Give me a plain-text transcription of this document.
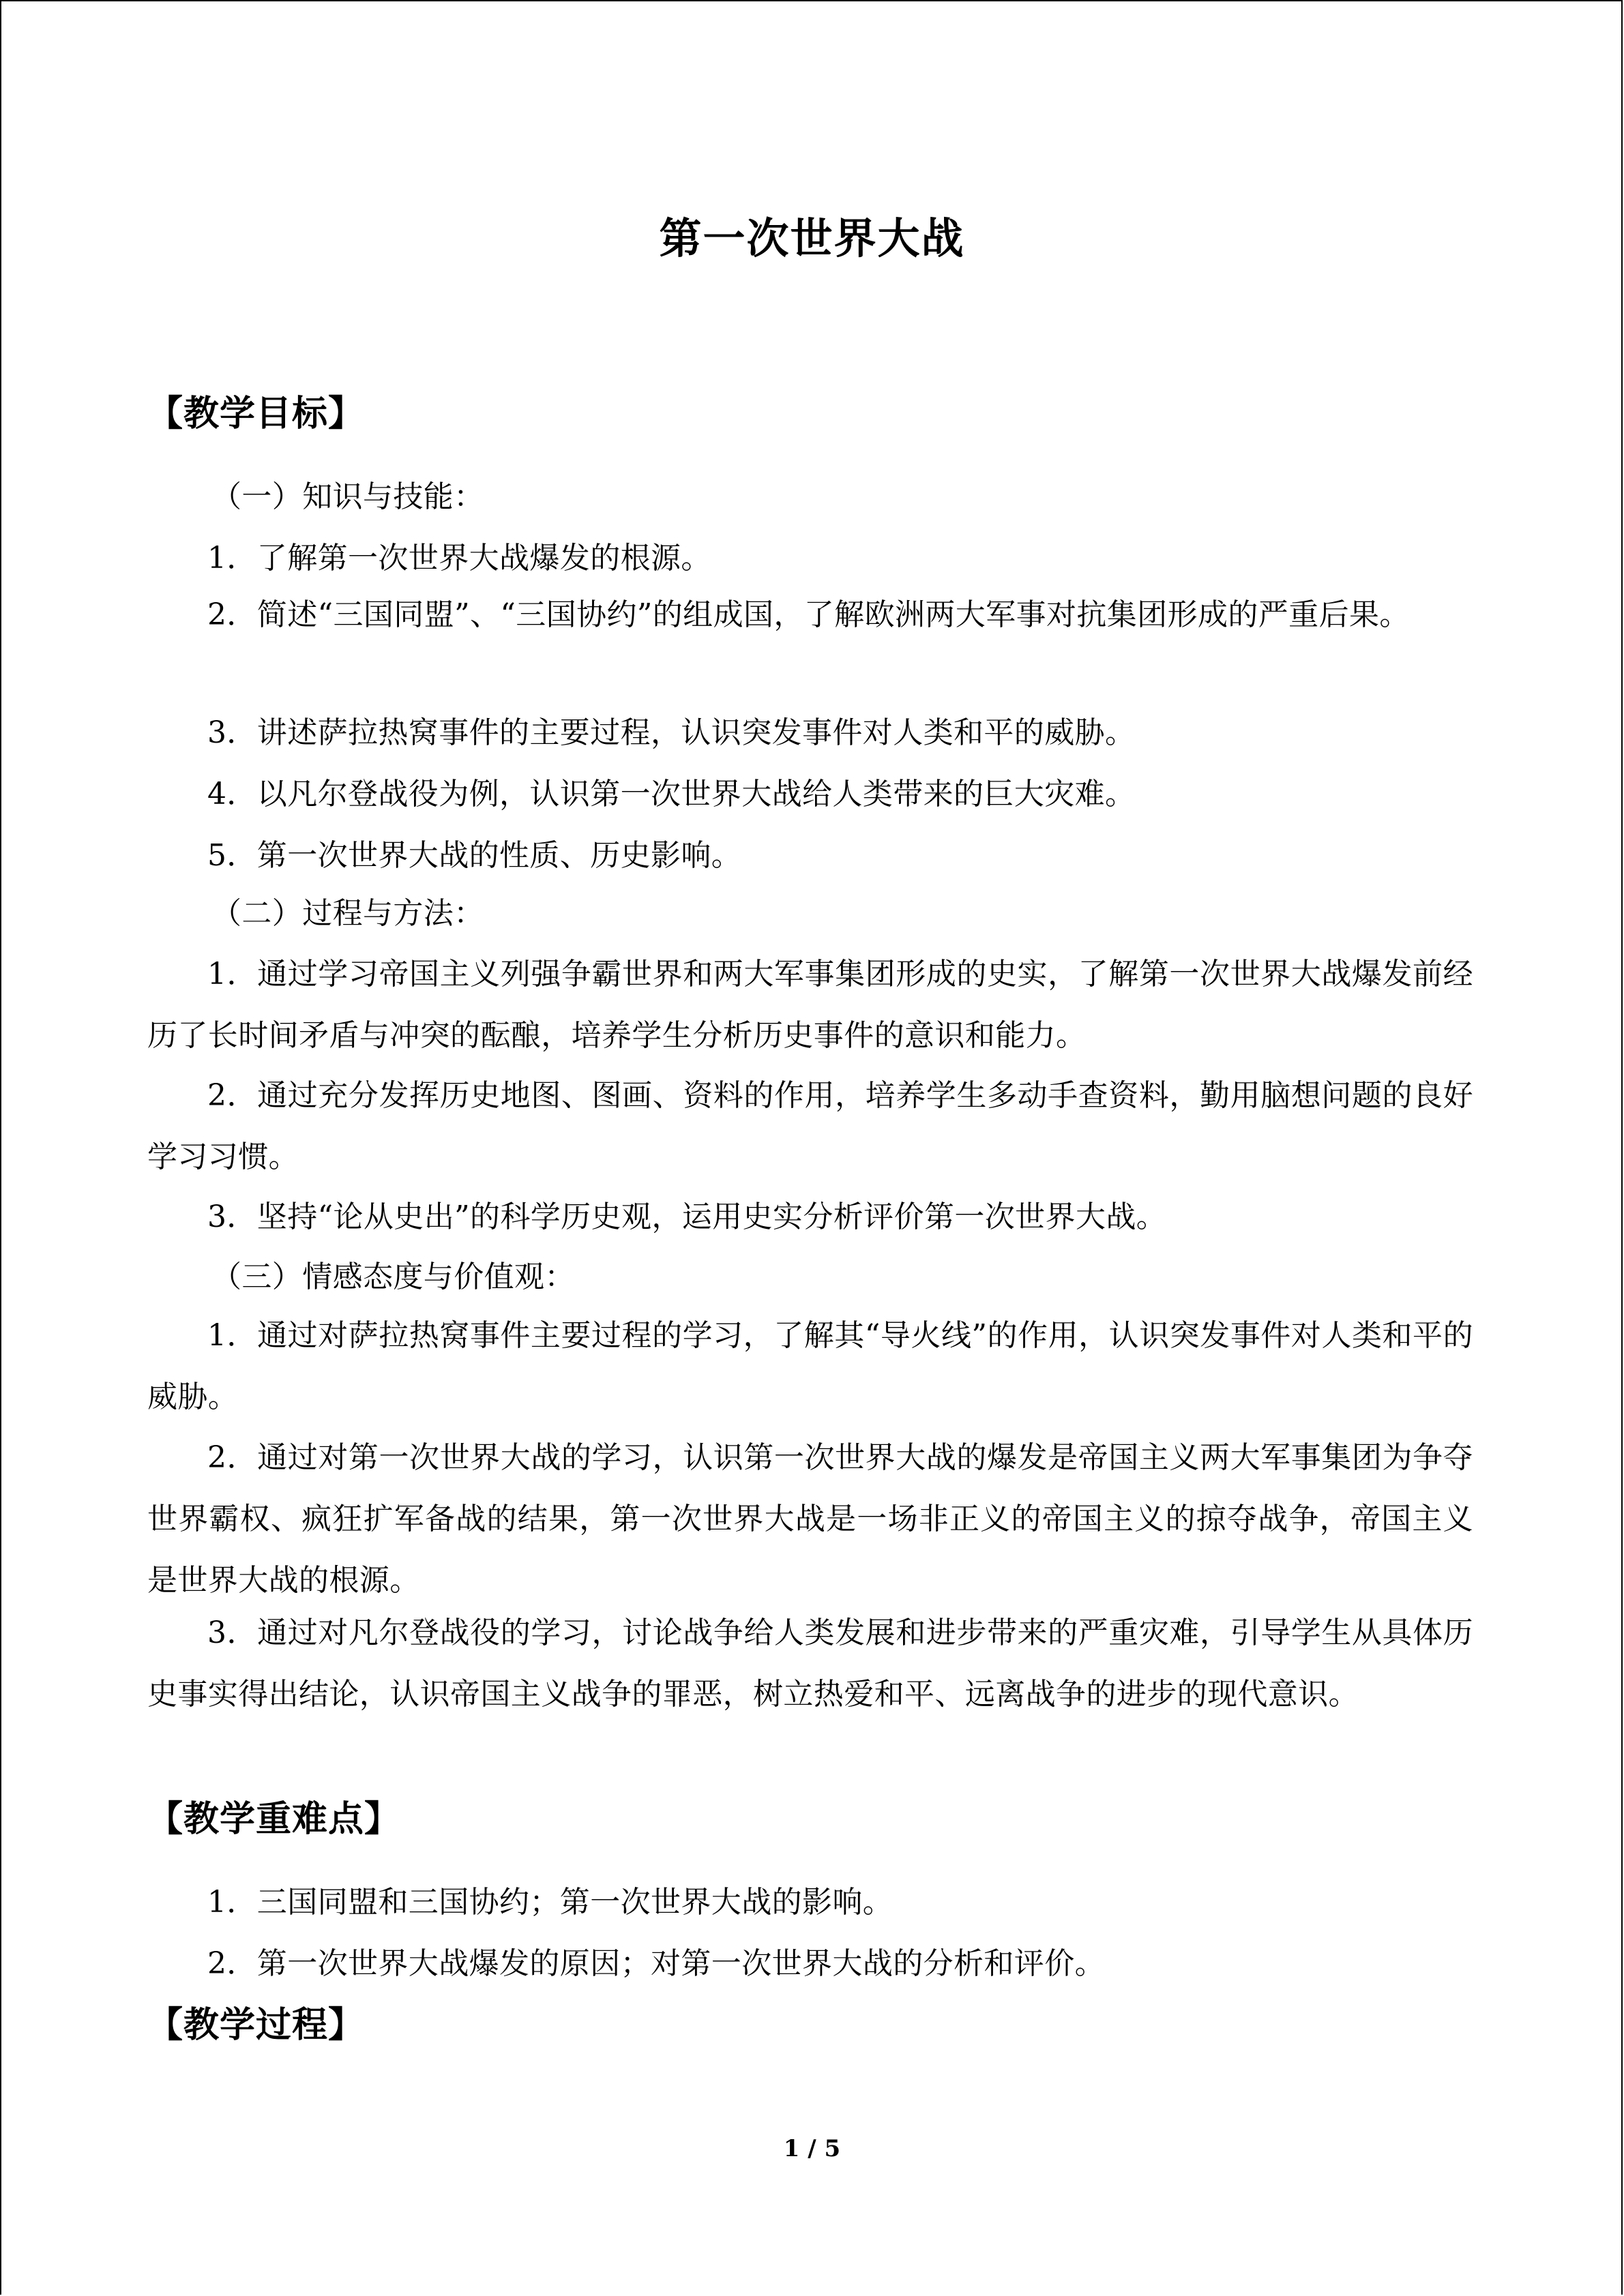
第一次世界大战
【教学目标】

（一）知识与技能：

1．了解第一次世界大战爆发的根源。

2．简述“三国同盟”、“三国协约”的组成国，了解欧洲两大军事对抗集团形成的严重后果。

3．讲述萨拉热窝事件的主要过程，认识突发事件对人类和平的威胁。

4．以凡尔登战役为例，认识第一次世界大战给人类带来的巨大灾难。

5．第一次世界大战的性质、历史影响。

（二）过程与方法：

1．通过学习帝国主义列强争霸世界和两大军事集团形成的史实，了解第一次世界大战爆发前经历了长时间矛盾与冲突的酝酿，培养学生分析历史事件的意识和能力。

2．通过充分发挥历史地图、图画、资料的作用，培养学生多动手查资料，勤用脑想问题的良好学习习惯。

3．坚持“论从史出”的科学历史观，运用史实分析评价第一次世界大战。

（三）情感态度与价值观：

1．通过对萨拉热窝事件主要过程的学习，了解其“导火线”的作用，认识突发事件对人类和平的威胁。

2．通过对第一次世界大战的学习，认识第一次世界大战的爆发是帝国主义两大军事集团为争夺世界霸权、疯狂扩军备战的结果，第一次世界大战是一场非正义的帝国主义的掠夺战争，帝国主义是世界大战的根源。

3．通过对凡尔登战役的学习，讨论战争给人类发展和进步带来的严重灾难，引导学生从具体历史事实得出结论，认识帝国主义战争的罪恶，树立热爱和平、远离战争的进步的现代意识。

【教学重难点】

1．三国同盟和三国协约；第一次世界大战的影响。

2．第一次世界大战爆发的原因；对第一次世界大战的分析和评价。

【教学过程】
1 / 5
